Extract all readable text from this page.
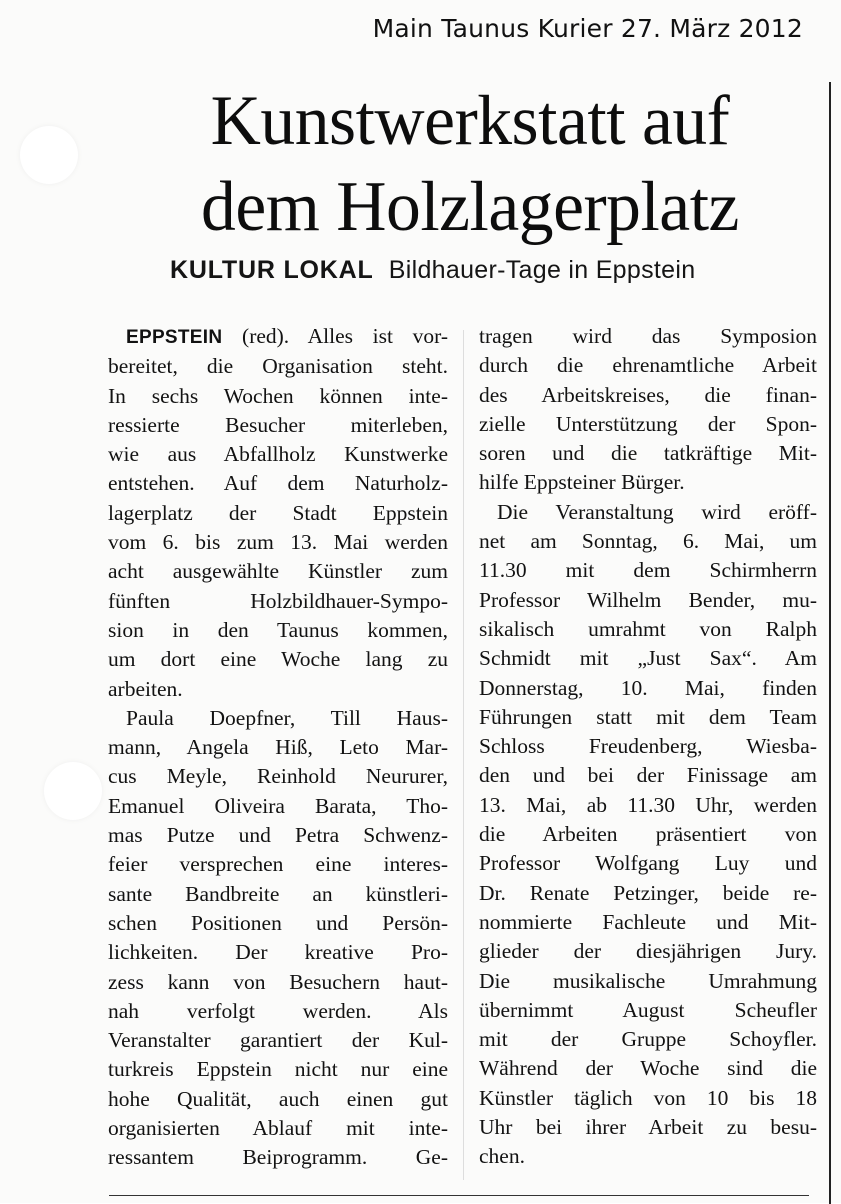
Main Taunus Kurier 27. März 2012
Kunstwerkstatt auf
dem Holzlagerplatz
KULTUR LOKAL Bildhauer-Tage in Eppstein
EPPSTEIN (red). Alles ist vor-
bereitet, die Organisation steht.
In sechs Wochen können inte-
ressierte Besucher miterleben,
wie aus Abfallholz Kunstwerke
entstehen. Auf dem Naturholz-
lagerplatz der Stadt Eppstein
vom 6. bis zum 13. Mai werden
acht ausgewählte Künstler zum
fünften Holzbildhauer-Sympo-
sion in den Taunus kommen,
um dort eine Woche lang zu
arbeiten.
Paula Doepfner, Till Haus-
mann, Angela Hiß, Leto Mar-
cus Meyle, Reinhold Neururer,
Emanuel Oliveira Barata, Tho-
mas Putze und Petra Schwenz-
feier versprechen eine interes-
sante Bandbreite an künstleri-
schen Positionen und Persön-
lichkeiten. Der kreative Pro-
zess kann von Besuchern haut-
nah verfolgt werden. Als
Veranstalter garantiert der Kul-
turkreis Eppstein nicht nur eine
hohe Qualität, auch einen gut
organisierten Ablauf mit inte-
ressantem Beiprogramm. Ge-
tragen wird das Symposion
durch die ehrenamtliche Arbeit
des Arbeitskreises, die finan-
zielle Unterstützung der Spon-
soren und die tatkräftige Mit-
hilfe Eppsteiner Bürger.
Die Veranstaltung wird eröff-
net am Sonntag, 6. Mai, um
11.30 mit dem Schirmherrn
Professor Wilhelm Bender, mu-
sikalisch umrahmt von Ralph
Schmidt mit „Just Sax“. Am
Donnerstag, 10. Mai, finden
Führungen statt mit dem Team
Schloss Freudenberg, Wiesba-
den und bei der Finissage am
13. Mai, ab 11.30 Uhr, werden
die Arbeiten präsentiert von
Professor Wolfgang Luy und
Dr. Renate Petzinger, beide re-
nommierte Fachleute und Mit-
glieder der diesjährigen Jury.
Die musikalische Umrahmung
übernimmt August Scheufler
mit der Gruppe Schoyfler.
Während der Woche sind die
Künstler täglich von 10 bis 18
Uhr bei ihrer Arbeit zu besu-
chen.
